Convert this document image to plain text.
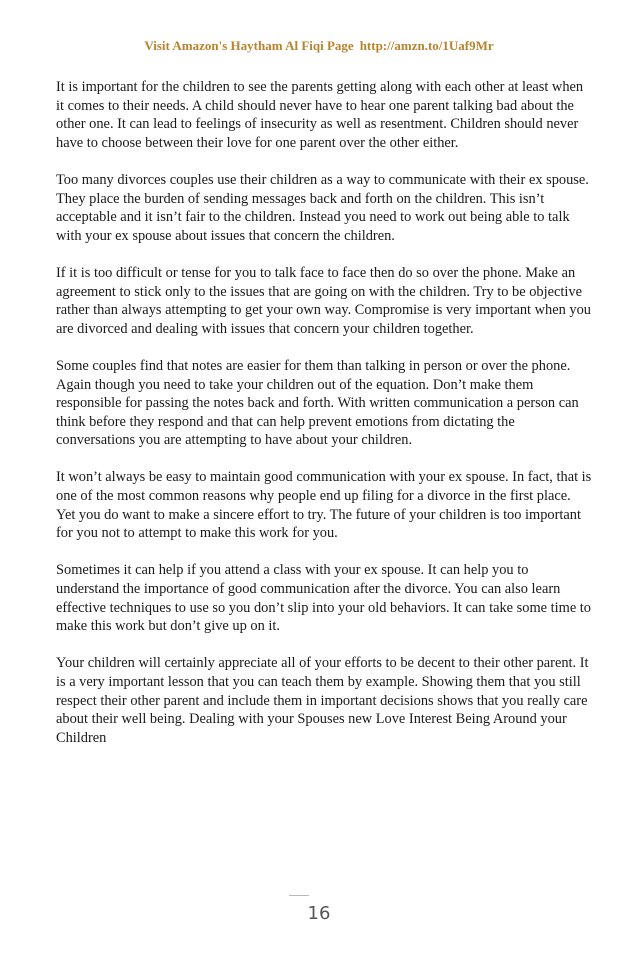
Visit Amazon's Haytham Al Fiqi Page http://amzn.to/1Uaf9Mr

It is important for the children to see the parents getting along with each other at least when it comes to their needs. A child should never have to hear one parent talking bad about the other one. It can lead to feelings of insecurity as well as resentment. Children should never have to choose between their love for one parent over the other either.

Too many divorces couples use their children as a way to communicate with their ex spouse. They place the burden of sending messages back and forth on the children. This isn’t acceptable and it isn’t fair to the children. Instead you need to work out being able to talk with your ex spouse about issues that concern the children.

If it is too difficult or tense for you to talk face to face then do so over the phone. Make an agreement to stick only to the issues that are going on with the children. Try to be objective rather than always attempting to get your own way. Compromise is very important when you are divorced and dealing with issues that concern your children together.

Some couples find that notes are easier for them than talking in person or over the phone. Again though you need to take your children out of the equation. Don’t make them responsible for passing the notes back and forth. With written communication a person can think before they respond and that can help prevent emotions from dictating the conversations you are attempting to have about your children.

It won’t always be easy to maintain good communication with your ex spouse. In fact, that is one of the most common reasons why people end up filing for a divorce in the first place. Yet you do want to make a sincere effort to try. The future of your children is too important for you not to attempt to make this work for you.

Sometimes it can help if you attend a class with your ex spouse. It can help you to understand the importance of good communication after the divorce. You can also learn effective techniques to use so you don’t slip into your old behaviors. It can take some time to make this work but don’t give up on it.

Your children will certainly appreciate all of your efforts to be decent to their other parent. It is a very important lesson that you can teach them by example. Showing them that you still respect their other parent and include them in important decisions shows that you really care about their well being. Dealing with your Spouses new Love Interest Being Around your Children

16
